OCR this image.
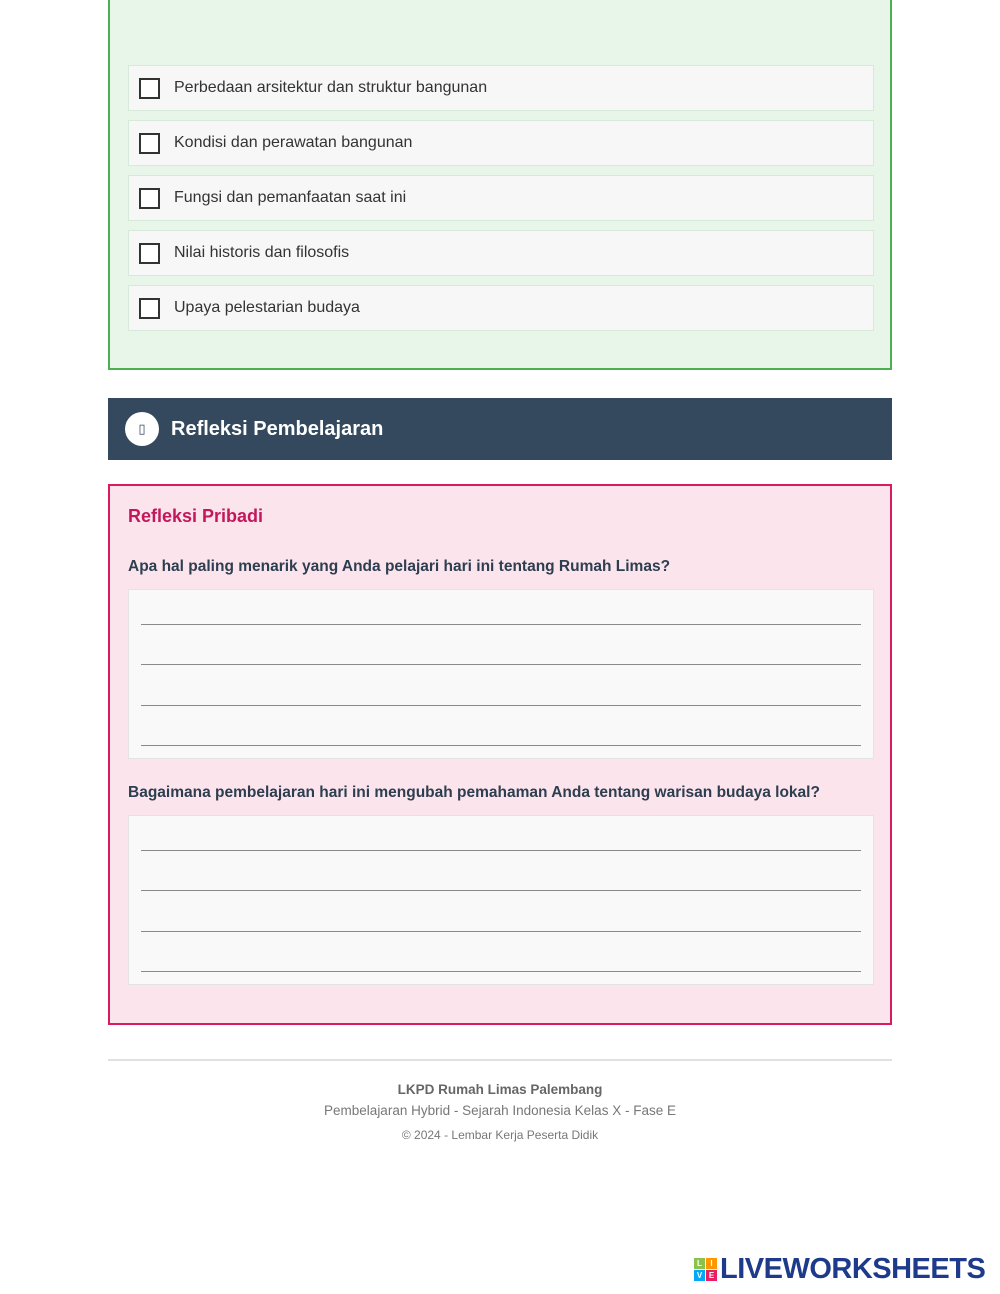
Perbedaan arsitektur dan struktur bangunan
Kondisi dan perawatan bangunan
Fungsi dan pemanfaatan saat ini
Nilai historis dan filosofis
Upaya pelestarian budaya
▯	Refleksi Pembelajaran
Refleksi Pribadi
Apa hal paling menarik yang Anda pelajari hari ini tentang Rumah Limas?
Bagaimana pembelajaran hari ini mengubah pemahaman Anda tentang warisan budaya lokal?
LKPD Rumah Limas Palembang
Pembelajaran Hybrid - Sejarah Indonesia Kelas X - Fase E
© 2024 - Lembar Kerja Peserta Didik
L	I
V E LIVEWORKSHEETS
